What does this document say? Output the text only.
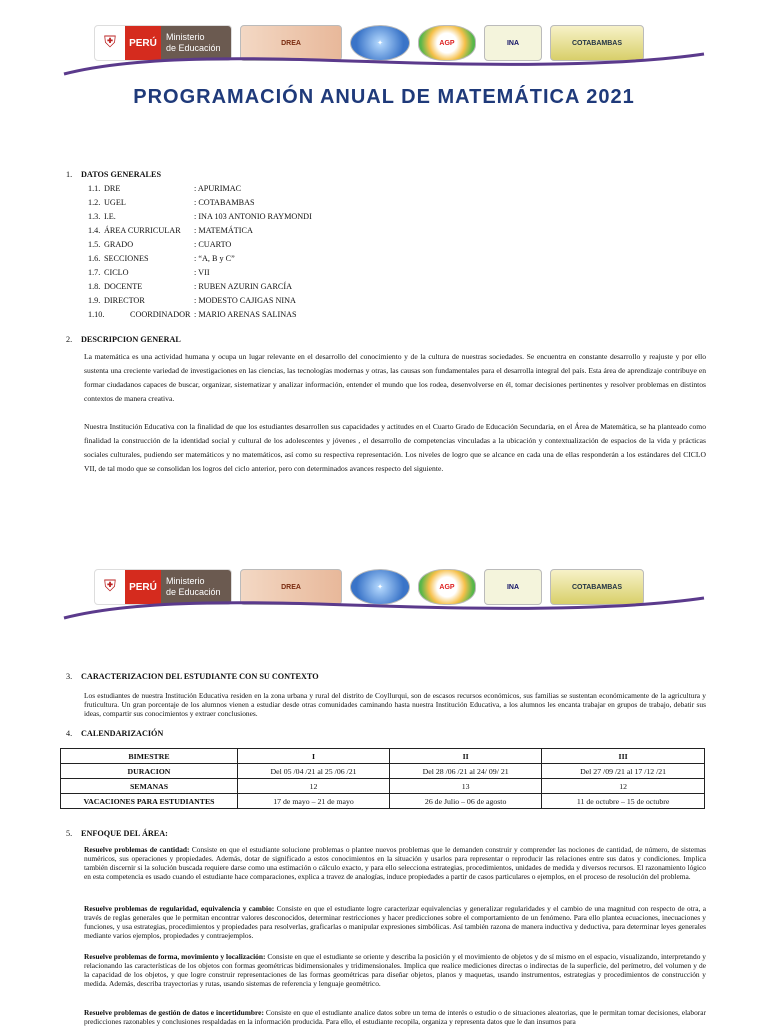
⛨	PERÚ
Ministerio
de Educación	DREA	✦	AGP	INA	COTABAMBAS
PROGRAMACIÓN ANUAL DE MATEMÁTICA 2021
1. DATOS GENERALES
1.1. DRE	: APURIMAC
1.2. UGEL	: COTABAMBAS
1.3. I.E.	: INA 103 ANTONIO RAYMONDI
1.4. ÁREA CURRICULAR : MATEMÁTICA
1.5. GRADO	: CUARTO
1.6. SECCIONES	: “A, B y C”
1.7. CICLO	: VII
1.8. DOCENTE	: RUBEN AZURIN GARCÍA
1.9. DIRECTOR	: MODESTO CAJIGAS NINA
1.10.	COORDINADOR : MARIO ARENAS SALINAS
2. DESCRIPCION GENERAL
La matemática es una actividad humana y ocupa un lugar relevante en el desarrollo del conocimiento y de la cultura de nuestras sociedades. Se encuentra en constante desarrollo y reajuste y por ello sustenta una creciente variedad de investigaciones en las ciencias, las tecnologías modernas y otras, las causas son fundamentales para el desarrolla integral del país. Esta área de aprendizaje contribuye en formar ciudadanos capaces de buscar, organizar, sistematizar y analizar información, entender el mundo que los rodea, desenvolverse en él, tomar decisiones pertinentes y resolver problemas en distintos contextos de manera creativa.
Nuestra Institución Educativa con la finalidad de que los estudiantes desarrollen sus capacidades y actitudes en el Cuarto Grado de Educación Secundaria, en el Área de Matemática, se ha planteado como finalidad la construcción de la identidad social y cultural de los adolescentes y jóvenes , el desarrollo de competencias vinculadas a la ubicación y contextualización de espacios de la vida y prácticas sociales culturales, pudiendo ser matemáticos y no matemáticos, así como su respectiva representación. Los niveles de logro que se alcance en cada una de ellas responderán a los estándares del CICLO VII, de tal modo que se consolidan los logros del ciclo anterior, pero con determinados avances respecto del siguiente.
⛨	PERÚ
Ministerio
de Educación	DREA	✦	AGP	INA	COTABAMBAS
3. CARACTERIZACION DEL ESTUDIANTE CON SU CONTEXTO
Los estudiantes de nuestra Institución Educativa residen en la zona urbana y rural del distrito de Coyllurqui, son de escasos recursos económicos, sus familias se sustentan económicamente de la agricultura y fruticultura. Un gran porcentaje de los alumnos vienen a estudiar desde otras comunidades caminando hasta nuestra Institución Educativa, a los alumnos les encanta trabajar en grupos de trabajo, debatir sus ideas, compartir sus conocimientos y extraer conclusiones.
4. CALENDARIZACIÓN
BIMESTRE	I	II	III
DURACION	Del 05 /04 /21 al 25 /06 /21	Del 28 /06 /21 al 24/ 09/ 21	Del 27 /09 /21 al 17 /12 /21
SEMANAS	12	13	12
VACACIONES PARA ESTUDIANTES	17 de mayo – 21 de mayo	26 de Julio – 06 de agosto	11 de octubre – 15 de octubre
5. ENFOQUE DEL ÁREA:
Resuelve problemas de cantidad: Consiste en que el estudiante solucione problemas o plantee nuevos problemas que le demanden construir y comprender las nociones de cantidad, de número, de sistemas numéricos, sus operaciones y propiedades. Además, dotar de significado a estos conocimientos en la situación y usarlos para representar o reproducir las relaciones entre sus datos y condiciones. Implica también discernir si la solución buscada requiere darse como una estimación o cálculo exacto, y para ello selecciona estrategias, procedimientos, unidades de medida y diversos recursos. El razonamiento lógico en esta competencia es usado cuando el estudiante hace comparaciones, explica a travez de analogías, induce propiedades a partir de casos particulares o ejemplos, en el proceso de resolución del problema.
Resuelve problemas de regularidad, equivalencia y cambio: Consiste en que el estudiante logre caracterizar equivalencias y generalizar regularidades y el cambio de una magnitud con respecto de otra, a través de reglas generales que le permitan encontrar valores desconocidos, determinar restricciones y hacer predicciones sobre el comportamiento de un fenómeno. Para ello plantea ecuaciones, inecuaciones y funciones, y usa estrategias, procedimientos y propiedades para resolverlas, graficarlas o manipular expresiones simbólicas. Así también razona de manera inductiva y deductiva, para determinar leyes generales mediante varios ejemplos, propiedades y contraejemplos.
Resuelve problemas de forma, movimiento y localización: Consiste en que el estudiante se oriente y describa la posición y el movimiento de objetos y de sí mismo en el espacio, visualizando, interpretando y relacionando las características de los objetos con formas geométricas bidimensionales y tridimensionales. Implica que realice mediciones directas o indirectas de la superficie, del perímetro, del volumen y de la capacidad de los objetos, y que logre construir representaciones de las formas geométricas para diseñar objetos, planos y maquetas, usando instrumentos, estrategias y procedimientos de construcción y medida. Además, describa trayectorias y rutas, usando sistemas de referencia y lenguaje geométrico.
Resuelve problemas de gestión de datos e incertidumbre: Consiste en que el estudiante analice datos sobre un tema de interés o estudio o de situaciones aleatorias, que le permitan tomar decisiones, elaborar predicciones razonables y conclusiones respaldadas en la información producida. Para ello, el estudiante recopila, organiza y representa datos que le dan insumos para
